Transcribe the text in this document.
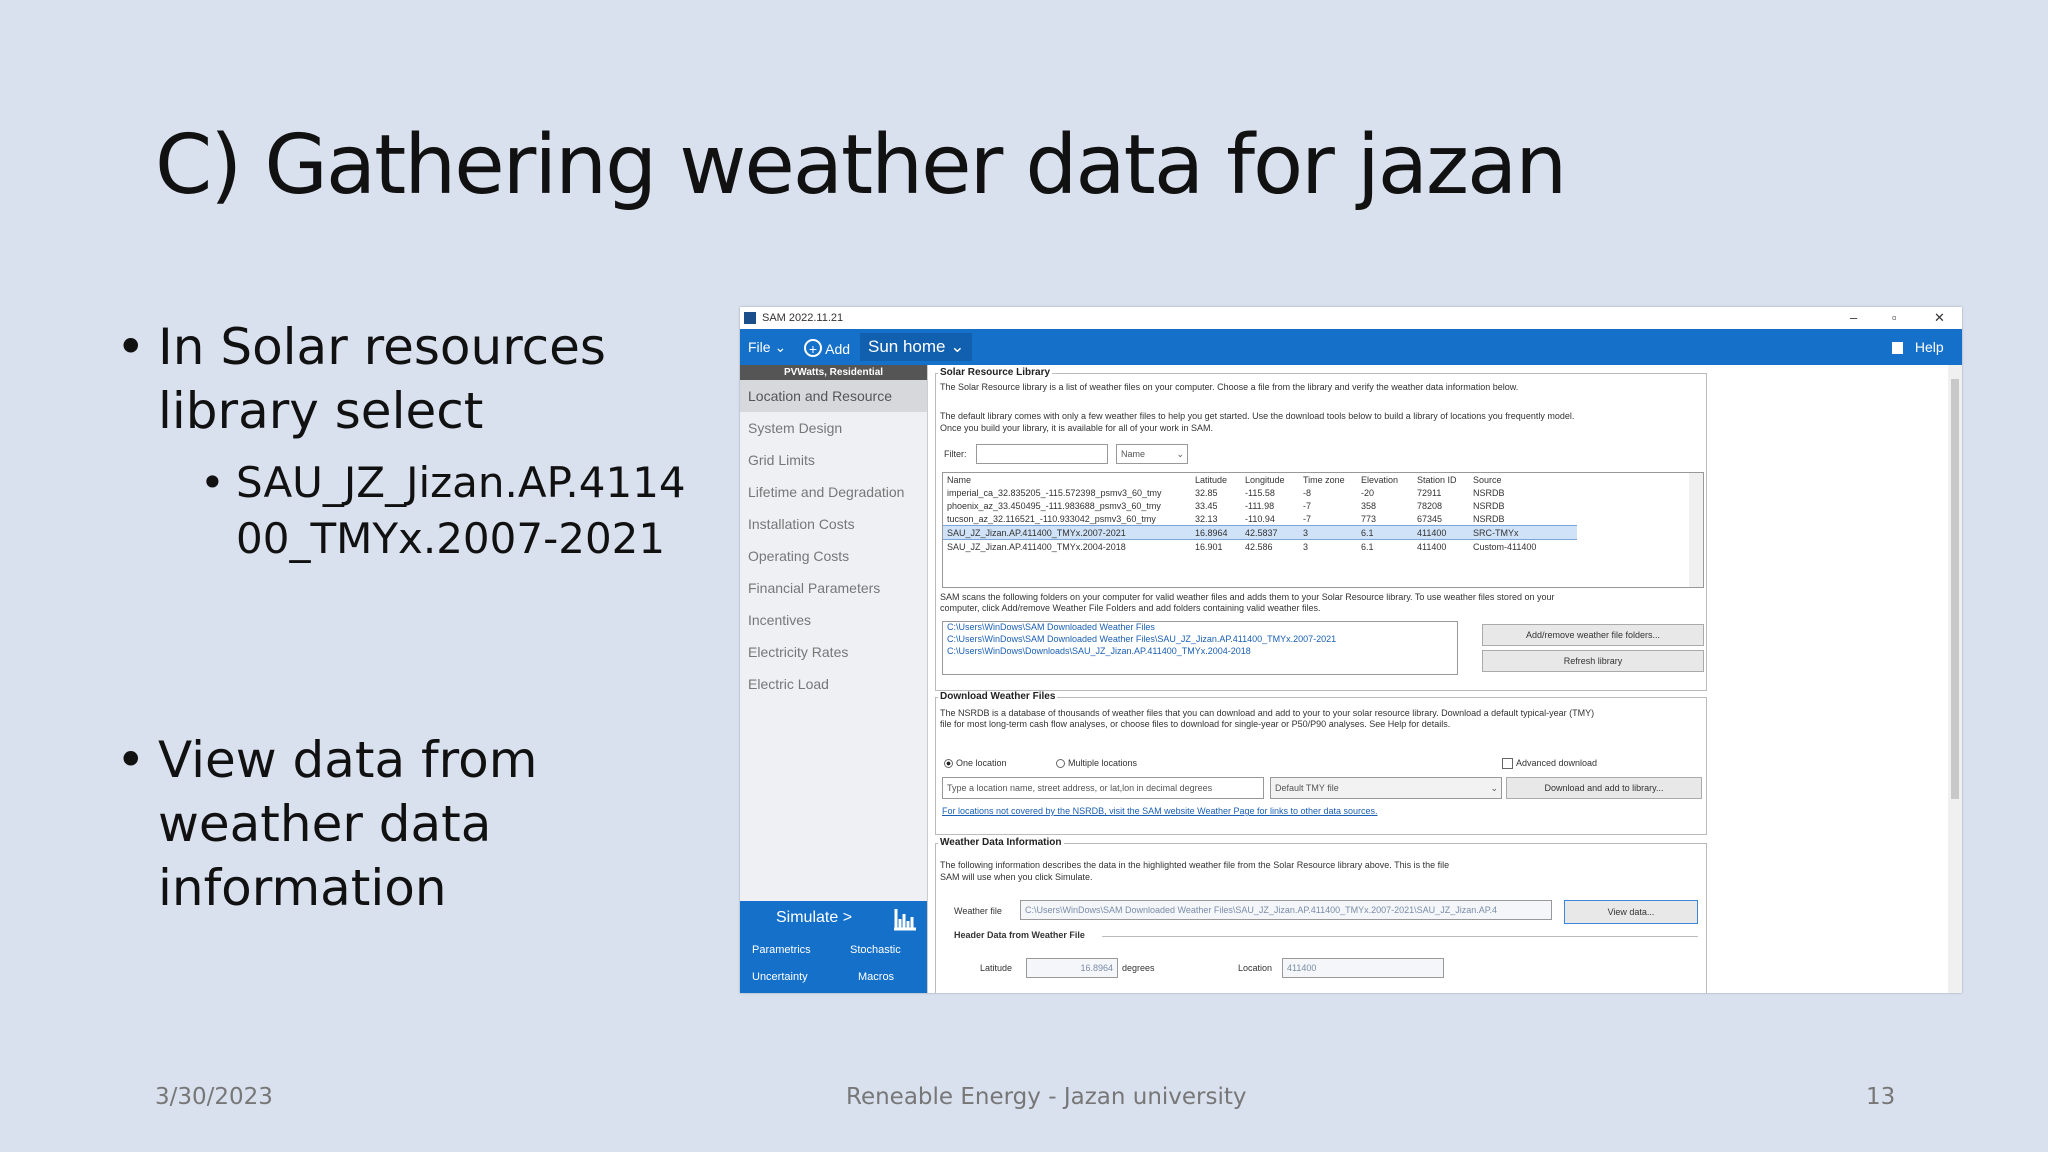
C) Gathering weather data for jazan
• In Solar resources library select
• SAU_JZ_Jizan.AP.411400_TMYx.2007-2021
• View data from weather data information
3/30/2023	Reneable Energy - Jazan university	13
SAM 2022.11.21	–	▫	✕
File ⌄	+ Add	Sun home ⌄	Help
PVWatts, Residential
Location and Resource
System Design
Grid Limits
Lifetime and Degradation
Installation Costs
Operating Costs
Financial Parameters
Incentives
Electricity Rates
Electric Load
Simulate >
Parametrics	Stochastic
Uncertainty	Macros
Solar Resource Library
The Solar Resource library is a list of weather files on your computer. Choose a file from the library and verify the weather data information below.
The default library comes with only a few weather files to help you get started. Use the download tools below to build a library of locations you frequently model.
Once you build your library, it is available for all of your work in SAM.
Filter:	Name	⌄
Name	Latitude	Longitude	Time zone	Elevation	Station ID	Source
imperial_ca_32.835205_-115.572398_psmv3_60_tmy	32.85	-115.58	-8	-20	72911	NSRDB
phoenix_az_33.450495_-111.983688_psmv3_60_tmy	33.45	-111.98	-7	358	78208	NSRDB
tucson_az_32.116521_-110.933042_psmv3_60_tmy	32.13	-110.94	-7	773	67345	NSRDB
SAU_JZ_Jizan.AP.411400_TMYx.2007-2021	16.8964	42.5837	3	6.1	411400	SRC-TMYx
SAU_JZ_Jizan.AP.411400_TMYx.2004-2018	16.901	42.586	3	6.1	411400	Custom-411400
SAM scans the following folders on your computer for valid weather files and adds them to your Solar Resource library. To use weather files stored on your
computer, click Add/remove Weather File Folders and add folders containing valid weather files.
C:\Users\WinDows\SAM Downloaded Weather Files
C:\Users\WinDows\SAM Downloaded Weather Files\SAU_JZ_Jizan.AP.411400_TMYx.2007-2021
C:\Users\WinDows\Downloads\SAU_JZ_Jizan.AP.411400_TMYx.2004-2018
Add/remove weather file folders...
Refresh library
Download Weather Files
The NSRDB is a database of thousands of weather files that you can download and add to your to your solar resource library. Download a default typical-year (TMY)
file for most long-term cash flow analyses, or choose files to download for single-year or P50/P90 analyses. See Help for details.
One location	Multiple locations	Advanced download
Type a location name, street address, or lat,lon in decimal degrees	Default TMY file	⌄	Download and add to library...
For locations not covered by the NSRDB, visit the SAM website Weather Page for links to other data sources.
Weather Data Information
The following information describes the data in the highlighted weather file from the Solar Resource library above. This is the file
SAM will use when you click Simulate.
Weather file	C:\Users\WinDows\SAM Downloaded Weather Files\SAU_JZ_Jizan.AP.411400_TMYx.2007-2021\SAU_JZ_Jizan.AP.4	View data...
Header Data from Weather File
Latitude	16.8964	degrees	Location	411400
